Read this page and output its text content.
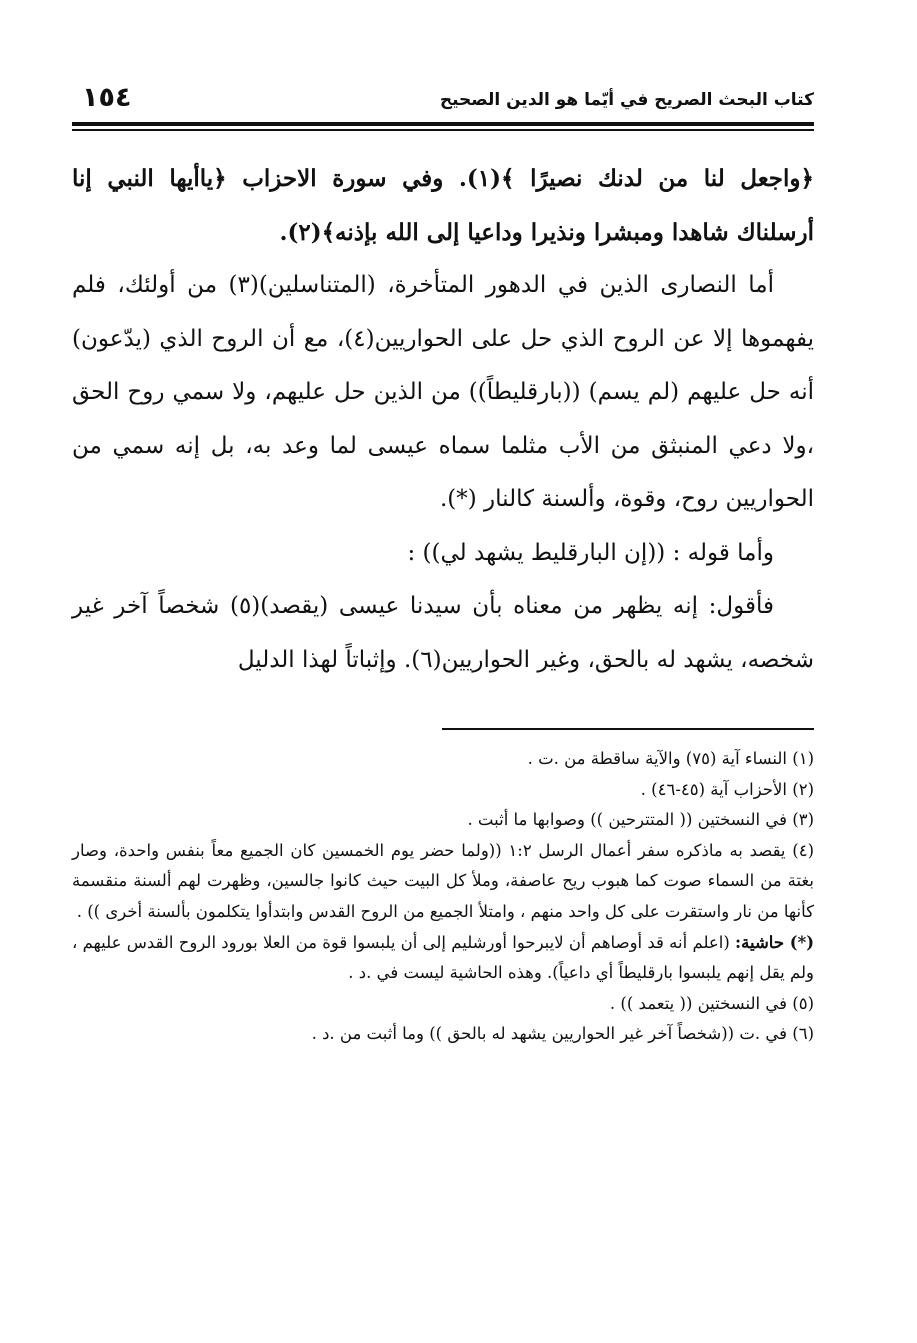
كتاب البحث الصريح في أيّما هو الدين الصحيح
١٥٤

﴿واجعل لنا من لدنك نصيرًا ﴾(١). وفي سورة الاحزاب ﴿ياأيها النبي إنا أرسلناك شاهدا ومبشرا ونذيرا وداعيا إلى الله بإذنه﴾(٢).

أما النصارى الذين في الدهور المتأخرة، (المتناسلين)(٣) من أولئك، فلم يفهموها إلا عن الروح الذي حل على الحواريين(٤)، مع أن الروح الذي (يدّعون) أنه حل عليهم (لم يسم) ((بارقليطاً)) من الذين حل عليهم، ولا سمي روح الحق ،ولا دعي المنبثق من الأب مثلما سماه عيسى لما وعد به، بل إنه سمي من الحواريين روح، وقوة، وألسنة كالنار (*).

وأما قوله : ((إن البارقليط يشهد لي)) :

فأقول: إنه يظهر من معناه بأن سيدنا عيسى (يقصد)(٥) شخصاً آخر غير شخصه، يشهد له بالحق، وغير الحواريين(٦). وإثباتاً لهذا الدليل

(١) النساء آية (٧٥) والآية ساقطة من .ت .

(٢) الأحزاب آية (٤٥-٤٦) .

(٣) في النسختين (( المتترحين )) وصوابها ما أثبت .

(٤) يقصد به ماذكره سفر أعمال الرسل ١:٢ ((ولما حضر يوم الخمسين كان الجميع معاً بنفس واحدة، وصار بغتة من السماء صوت كما هبوب ريح عاصفة، وملأ كل البيت حيث كانوا جالسين، وظهرت لهم ألسنة منقسمة كأنها من نار واستقرت على كل واحد منهم ، وامتلأ الجميع من الروح القدس وابتدأوا يتكلمون بألسنة أخرى )) .

(*) حاشية: (اعلم أنه قد أوصاهم أن لايبرحوا أورشليم إلى أن يلبسوا قوة من العلا بورود الروح القدس عليهم ، ولم يقل إنهم يلبسوا بارقليطاً أي داعياً). وهذه الحاشية ليست في .د .

(٥) في النسختين (( يتعمد )) .

(٦) في .ت ((شخصاً آخر غير الحواريين يشهد له بالحق )) وما أثبت من .د .
